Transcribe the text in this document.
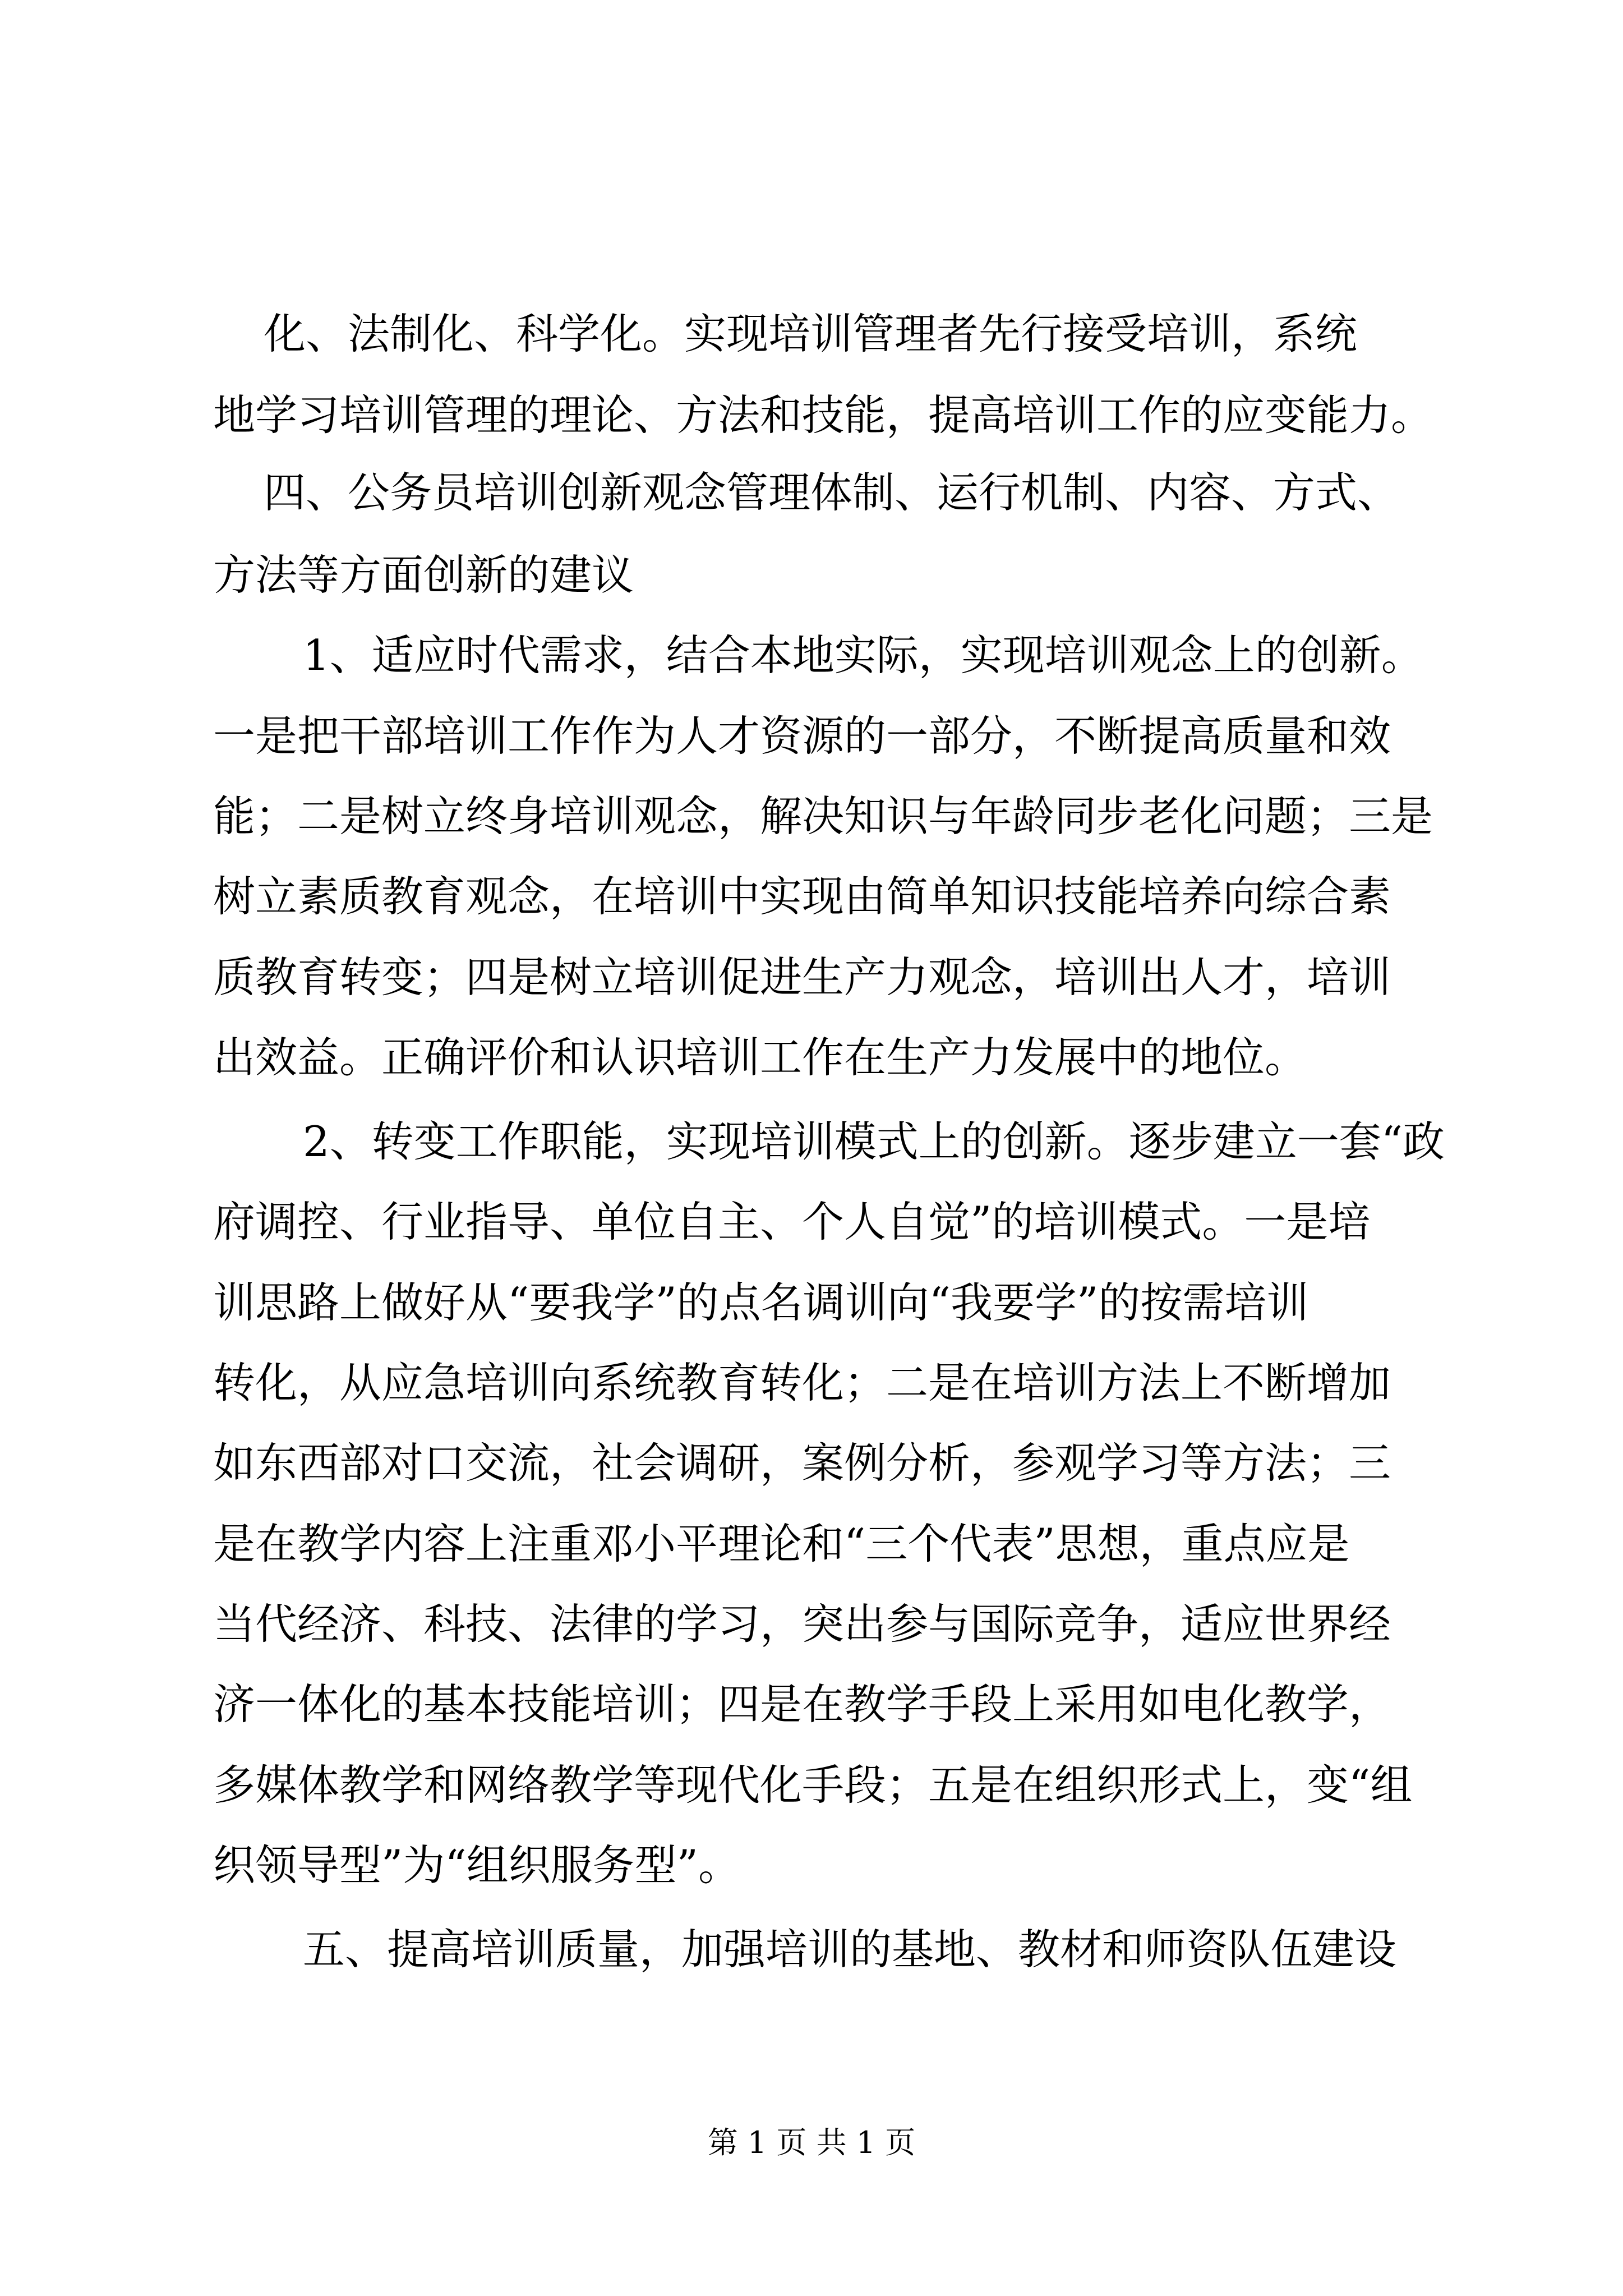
化、法制化、科学化。实现培训管理者先行接受培训，系统
地学习培训管理的理论、方法和技能，提高培训工作的应变能力。
四、公务员培训创新观念管理体制、运行机制、内容、方式、
方法等方面创新的建议
1、适应时代需求，结合本地实际，实现培训观念上的创新。
一是把干部培训工作作为人才资源的一部分，不断提高质量和效
能；二是树立终身培训观念，解决知识与年龄同步老化问题；三是
树立素质教育观念，在培训中实现由简单知识技能培养向综合素
质教育转变；四是树立培训促进生产力观念，培训出人才，培训
出效益。正确评价和认识培训工作在生产力发展中的地位。
2、转变工作职能，实现培训模式上的创新。逐步建立一套“政
府调控、行业指导、单位自主、个人自觉”的培训模式。一是培
训思路上做好从“要我学”的点名调训向“我要学”的按需培训
转化，从应急培训向系统教育转化；二是在培训方法上不断增加
如东西部对口交流，社会调研，案例分析，参观学习等方法；三
是在教学内容上注重邓小平理论和“三个代表”思想，重点应是
当代经济、科技、法律的学习，突出参与国际竞争，适应世界经
济一体化的基本技能培训；四是在教学手段上采用如电化教学，
多媒体教学和网络教学等现代化手段；五是在组织形式上，变“组
织领导型”为“组织服务型”。
五、提高培训质量，加强培训的基地、教材和师资队伍建设
第 1 页 共 1 页
